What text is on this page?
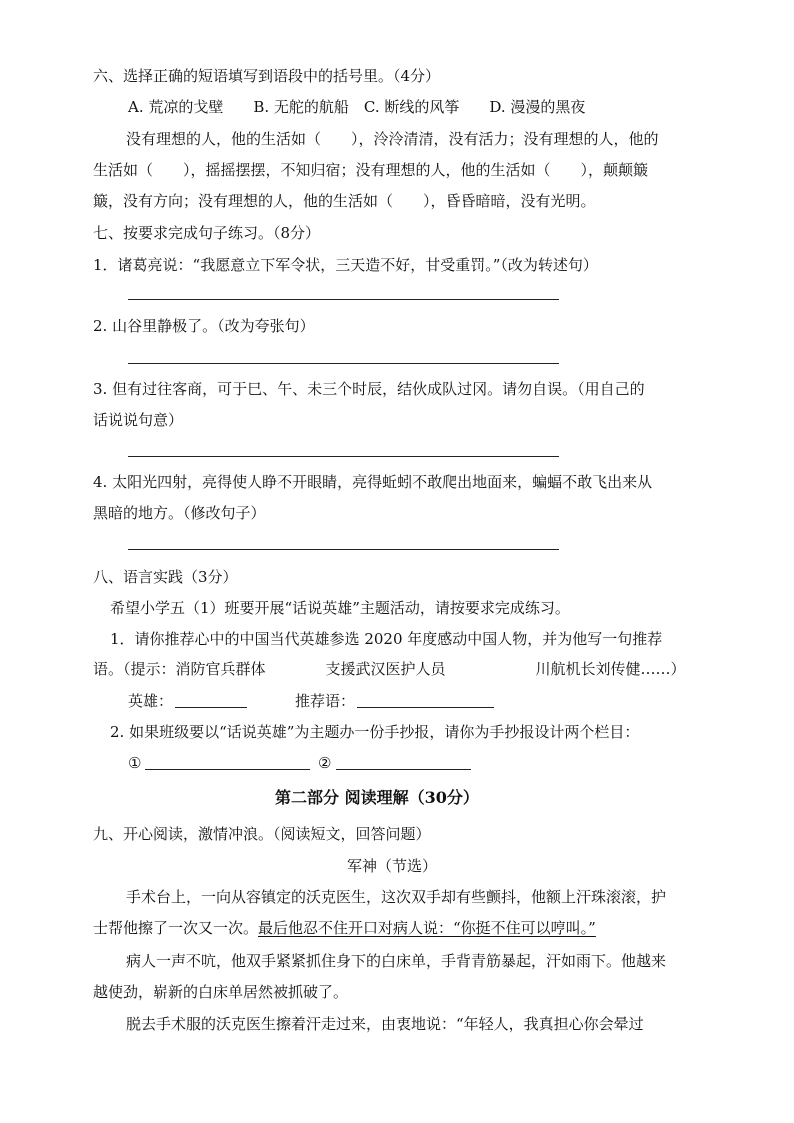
六、选择正确的短语填写到语段中的括号里。（4分）
A. 荒凉的戈壁　　B. 无舵的航船　C. 断线的风筝　　D. 漫漫的黑夜
没有理想的人，他的生活如（　　），泠泠清清，没有活力；没有理想的人，他的
生活如（　　），摇摇摆摆，不知归宿；没有理想的人，他的生活如（　　），颠颠簸
簸，没有方向；没有理想的人，他的生活如（　　），昏昏暗暗，没有光明。
七、按要求完成句子练习。（8分）
1．诸葛亮说：“我愿意立下军令状，三天造不好，甘受重罚。”（改为转述句）
2. 山谷里静极了。（改为夸张句）
3. 但有过往客商，可于巳、午、未三个时辰，结伙成队过冈。请勿自误。（用自己的
话说说句意）
4. 太阳光四射，亮得使人睁不开眼睛，亮得蚯蚓不敢爬出地面来，蝙蝠不敢飞出来从
黑暗的地方。（修改句子）
八、语言实践（3分）
希望小学五（1）班要开展“话说英雄”主题活动，请按要求完成练习。
1．请你推荐心中的中国当代英雄参选 2020 年度感动中国人物，并为他写一句推荐
语。（提示：消防官兵群体　　　　支援武汉医护人员　　　　　　川航机长刘传健……）
英雄：	推荐语：
2. 如果班级要以“话说英雄”为主题办一份手抄报，请你为手抄报设计两个栏目：
①	②
第二部分 阅读理解（30分）
九、开心阅读，激情冲浪。（阅读短文，回答问题）
军神（节选）
手术台上，一向从容镇定的沃克医生，这次双手却有些颤抖，他额上汗珠滚滚，护
士帮他擦了一次又一次。最后他忍不住开口对病人说：“你挺不住可以哼叫。”
病人一声不吭，他双手紧紧抓住身下的白床单，手背青筋暴起，汗如雨下。他越来
越使劲，崭新的白床单居然被抓破了。
脱去手术服的沃克医生擦着汗走过来，由衷地说：“年轻人，我真担心你会晕过
